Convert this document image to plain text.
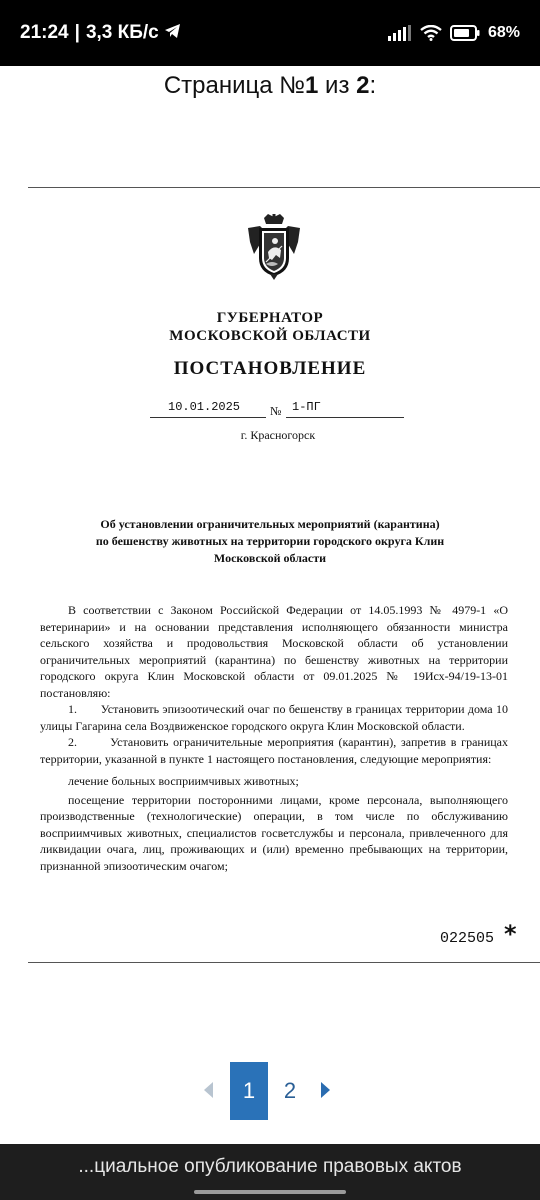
21:24 | 3,3 КБ/с	68%
Страница №1 из 2:
ГУБЕРНАТОР
МОСКОВСКОЙ ОБЛАСТИ
ПОСТАНОВЛЕНИЕ
10.01.2025 № 1-ПГ
г. Красногорск
Об установлении ограничительных мероприятий (карантина)
по бешенству животных на территории городского округа Клин
Московской области

В соответствии с Законом Российской Федерации от 14.05.1993 № 4979-1 «О ветеринарии» и на основании представления исполняющего обязанности министра сельского хозяйства и продовольствия Московской области об установлении ограничительных мероприятий (карантина) по бешенству животных на территории городского округа Клин Московской области от 09.01.2025 № 19Исх-94/19-13-01 постановляю:

1.       Установить эпизоотический очаг по бешенству в границах территории дома 10 улицы Гагарина села Воздвиженское городского округа Клин Московской области.

2.       Установить ограничительные мероприятия (карантин), запретив в границах территории, указанной в пункте 1 настоящего постановления, следующие мероприятия:

лечение больных восприимчивых животных;

посещение территории посторонними лицами, кроме персонала, выполняющего производственные (технологические) операции, в том числе по обслуживанию восприимчивых животных, специалистов госветслужбы и персонала, привлеченного для ликвидации очага, лиц, проживающих и (или) временно пребывающих на территории, признанной эпизоотическим очагом;

022505 *
1	2
...циальное опубликование правовых актов
